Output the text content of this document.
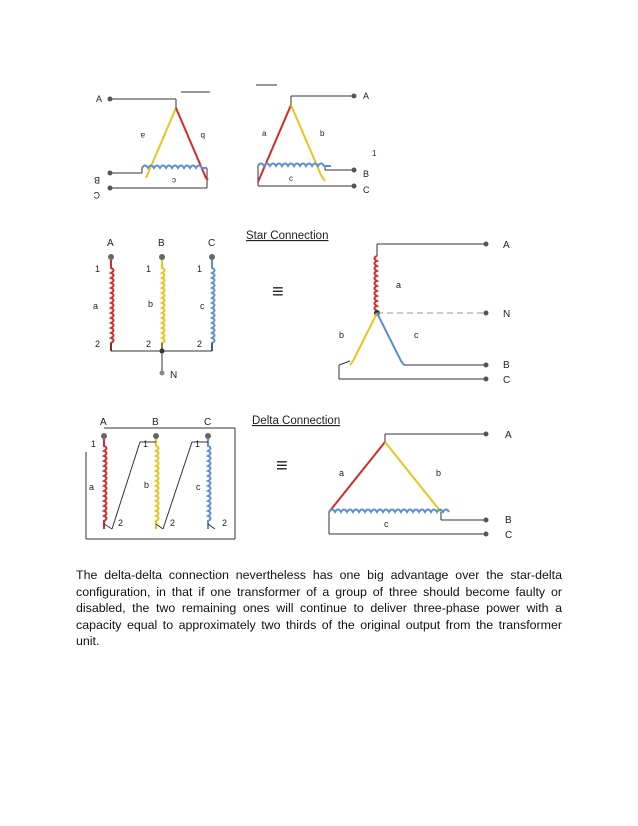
A
B
C
a	b
c
A
B
C
a	b
c
1
A	B	C
N
1	1	1
2	2	2
a	b	c
Star Connection
≡
A
N
B
C
a
b	c
A	B	C
1	1	1
2	2	2
a	b	c
Delta Connection
≡
A
B
C
a	b
c

The delta-delta connection nevertheless has one big advantage over the star-delta configuration, in that if one transformer of a group of three should become faulty or disabled, the two remaining ones will continue to deliver three-phase power with a capacity equal to approximately two thirds of the original output from the transformer unit.
